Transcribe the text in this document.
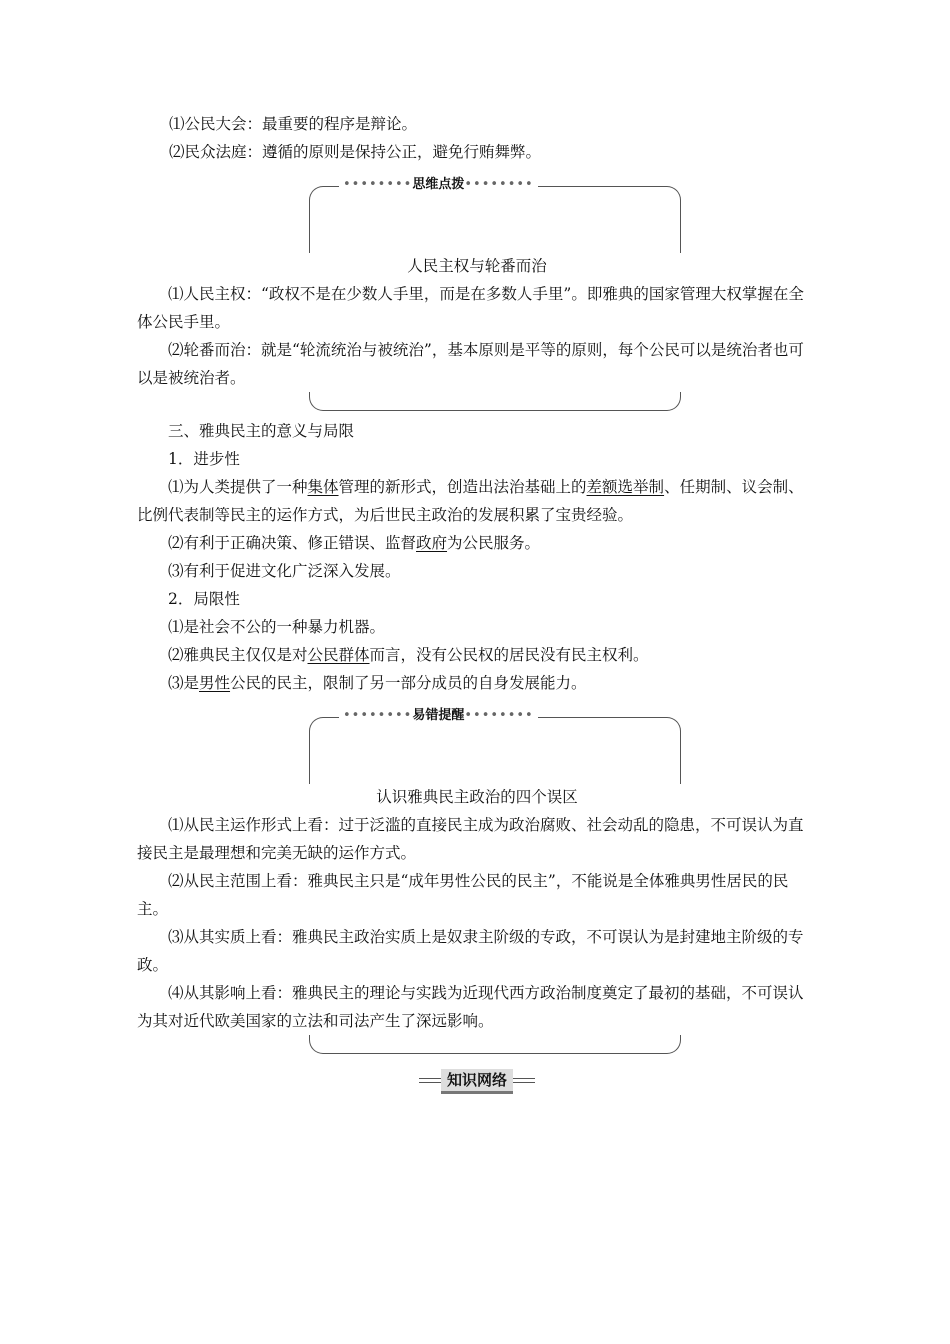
⑴公民大会：最重要的程序是辩论。

⑵民众法庭：遵循的原则是保持公正，避免行贿舞弊。

••••••••思维点拨••••••••

人民主权与轮番而治

⑴人民主权：“政权不是在少数人手里，而是在多数人手里”。即雅典的国家管理大权掌握在全体公民手里。

⑵轮番而治：就是“轮流统治与被统治”，基本原则是平等的原则，每个公民可以是统治者也可以是被统治者。

三、雅典民主的意义与局限

1．进步性

⑴为人类提供了一种集体管理的新形式，创造出法治基础上的差额选举制、任期制、议会制、比例代表制等民主的运作方式，为后世民主政治的发展积累了宝贵经验。

⑵有利于正确决策、修正错误、监督政府为公民服务。

⑶有利于促进文化广泛深入发展。

2．局限性

⑴是社会不公的一种暴力机器。

⑵雅典民主仅仅是对公民群体而言，没有公民权的居民没有民主权利。

⑶是男性公民的民主，限制了另一部分成员的自身发展能力。

••••••••易错提醒••••••••

认识雅典民主政治的四个误区

⑴从民主运作形式上看：过于泛滥的直接民主成为政治腐败、社会动乱的隐患，不可误认为直接民主是最理想和完美无缺的运作方式。

⑵从民主范围上看：雅典民主只是“成年男性公民的民主”，不能说是全体雅典男性居民的民主。

⑶从其实质上看：雅典民主政治实质上是奴隶主阶级的专政，不可误认为是封建地主阶级的专政。

⑷从其影响上看：雅典民主的理论与实践为近现代西方政治制度奠定了最初的基础，不可误认为其对近代欧美国家的立法和司法产生了深远影响。

知识网络
